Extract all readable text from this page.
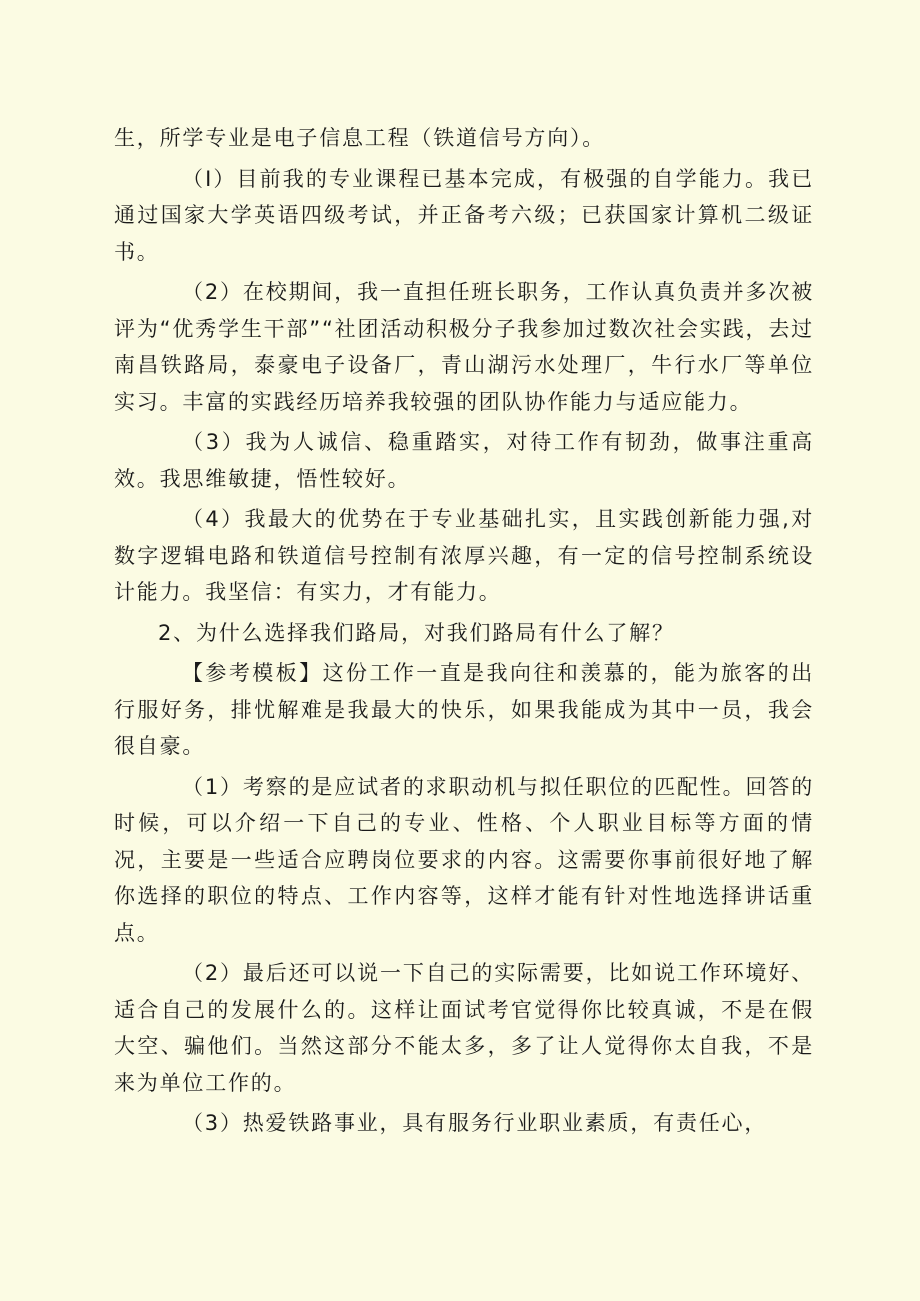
生，所学专业是电子信息工程（铁道信号方向）。

（Ⅰ）目前我的专业课程已基本完成，有极强的自学能力。我已通过国家大学英语四级考试，并正备考六级；已获国家计算机二级证书。

（2）在校期间，我一直担任班长职务，工作认真负责并多次被评为“优秀学生干部”“社团活动积极分子我参加过数次社会实践，去过南昌铁路局，泰豪电子设备厂，青山湖污水处理厂，牛行水厂等单位实习。丰富的实践经历培养我较强的团队协作能力与适应能力。

（3）我为人诚信、稳重踏实，对待工作有韧劲，做事注重高效。我思维敏捷，悟性较好。

（4）我最大的优势在于专业基础扎实，且实践创新能力强,对数字逻辑电路和铁道信号控制有浓厚兴趣，有一定的信号控制系统设计能力。我坚信：有实力，才有能力。

2、为什么选择我们路局，对我们路局有什么了解？

【参考模板】这份工作一直是我向往和羡慕的，能为旅客的出行服好务，排忧解难是我最大的快乐，如果我能成为其中一员，我会很自豪。

（1）考察的是应试者的求职动机与拟任职位的匹配性。回答的时候，可以介绍一下自己的专业、性格、个人职业目标等方面的情况，主要是一些适合应聘岗位要求的内容。这需要你事前很好地了解你选择的职位的特点、工作内容等，这样才能有针对性地选择讲话重点。

（2）最后还可以说一下自己的实际需要，比如说工作环境好、适合自己的发展什么的。这样让面试考官觉得你比较真诚，不是在假大空、骗他们。当然这部分不能太多，多了让人觉得你太自我，不是来为单位工作的。

（3）热爱铁路事业，具有服务行业职业素质，有责任心，
